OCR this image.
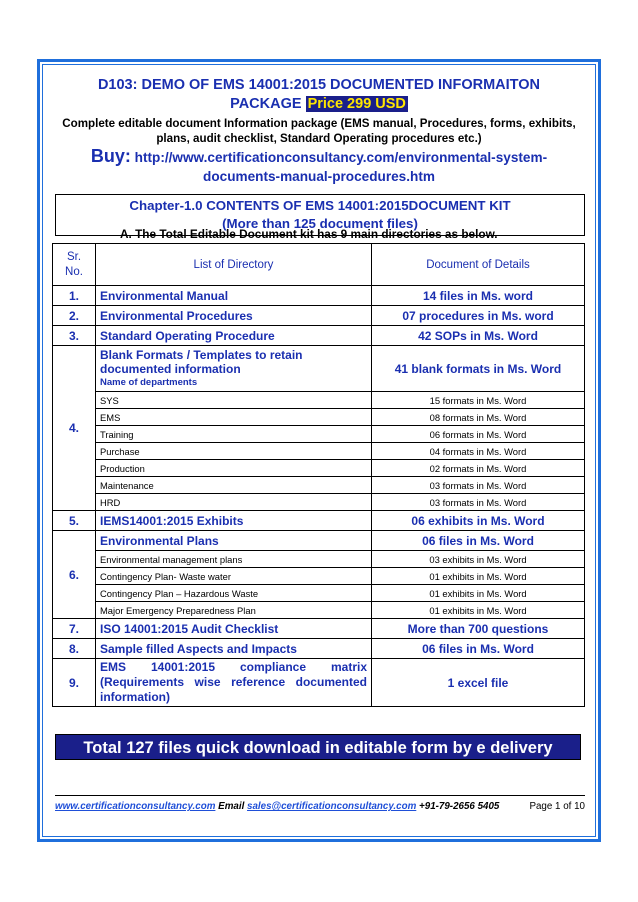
D103: DEMO OF EMS 14001:2015 DOCUMENTED INFORMAITON
PACKAGE Price 299 USD
Complete editable document Information package (EMS manual, Procedures, forms, exhibits,
plans, audit checklist, Standard Operating procedures etc.)
Buy: http://www.certificationconsultancy.com/environmental-system-
documents-manual-procedures.htm
Chapter-1.0 CONTENTS OF EMS 14001:2015DOCUMENT KIT
(More than 125 document files)
A. The Total Editable Document kit has 9 main directories as below.
Sr. No.	List of Directory	Document of Details
1.	Environmental Manual	14 files in Ms. word
2.	Environmental Procedures	07 procedures in Ms. word
3.	Standard Operating Procedure	42 SOPs in Ms. Word
4.	Blank Formats / Templates to retain documented information
Name of departments	41 blank formats in Ms. Word
	SYS	15 formats in Ms. Word
	EMS	08 formats in Ms. Word
	Training	06 formats in Ms. Word
	Purchase	04 formats in Ms. Word
	Production	02 formats in Ms. Word
	Maintenance	03 formats in Ms. Word
	HRD	03 formats in Ms. Word
5.	IEMS14001:2015 Exhibits	06 exhibits in Ms. Word
6.	Environmental Plans	06 files in Ms. Word
	Environmental management plans	03 exhibits in Ms. Word
	Contingency Plan- Waste water	01 exhibits in Ms. Word
	Contingency Plan – Hazardous Waste	01 exhibits in Ms. Word
	Major Emergency Preparedness Plan	01 exhibits in Ms. Word
7.	ISO 14001:2015 Audit Checklist	More than 700 questions
8.	Sample filled Aspects and Impacts	06 files in Ms. Word
9.	EMS 14001:2015 compliance matrix
(Requirements wise reference documented
information)	1 excel file
Total 127 files quick download in editable form by e delivery
www.certificationconsultancy.com Email sales@certificationconsultancy.com +91-79-2656 5405	Page 1 of 10
